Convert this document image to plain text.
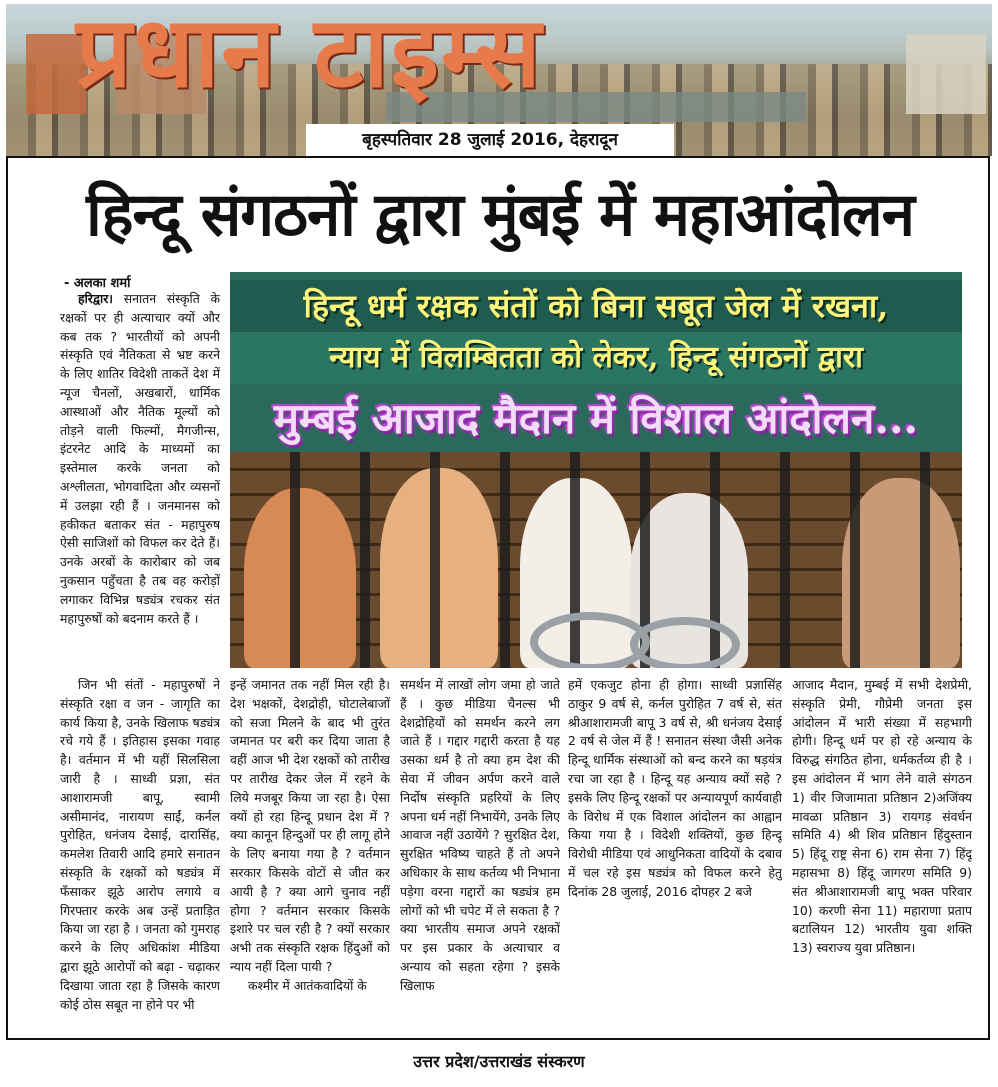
प्रधान टाइम्स
बृहस्पतिवार 28 जुलाई 2016, देहरादून
हिन्दू संगठनों द्वारा मुंबई में महाआंदोलन
- अलका शर्मा

हरिद्वार। सनातन संस्कृति के रक्षकों पर ही अत्याचार क्यों और कब तक ? भारतीयों को अपनी संस्कृति एवं नैतिकता से भ्रष्ट करने के लिए शातिर विदेशी ताकतें देश में न्यूज चैनलों, अखबारों, धार्मिक आस्थाओं और नैतिक मूल्यों को तोड़ने वाली फिल्मों, मैगजीन्स, इंटरनेट आदि के माध्यमों का इस्तेमाल करके जनता को अश्लीलता, भोगवादिता और व्यसनों में उलझा रही हैं । जनमानस को हकीकत बताकर संत - महापुरुष ऐसी साजिशों को विफल कर देते हैं। उनके अरबों के कारोबार को जब नुकसान पहुँचता है तब वह करोड़ों लगाकर विभिन्न षड्यंत्र रचकर संत महापुरुषों को बदनाम करते हैं ।

हिन्दू धर्म रक्षक संतों को बिना सबूत जेल में रखना,
न्याय में विलम्बितता को लेकर, हिन्दू संगठनों द्वारा
मुम्बई आजाद मैदान में विशाल आंदोलन...

जिन भी संतों - महापुरुषों ने संस्कृति रक्षा व जन - जागृति का कार्य किया है, उनके खिलाफ षड्यंत्र रचे गये हैं । इतिहास इसका गवाह है। वर्तमान में भी यहीं सिलसिला जारी है । साध्वी प्रज्ञा, संत आशारामजी बापू, स्वामी असीमानंद, नारायण साईं, कर्नल पुरोहित, धनंजय देसाई, दारासिंह, कमलेश तिवारी आदि हमारे सनातन संस्कृति के रक्षकों को षड्यंत्र में फँसाकर झूठे आरोप लगाये व गिरफ्तार करके अब उन्हें प्रताड़ित किया जा रहा है । जनता को गुमराह करने के लिए अधिकांश मीडिया द्वारा झूठे आरोपों को बढ़ा - चढ़ाकर दिखाया जाता रहा है जिसके कारण कोई ठोस सबूत ना होने पर भी

इन्हें जमानत तक नहीं मिल रही है। देश भक्षकों, देशद्रोही, घोटालेबाजों को सजा मिलने के बाद भी तुरंत जमानत पर बरी कर दिया जाता है वहीं आज भी देश रक्षकों को तारीख पर तारीख देकर जेल में रहने के लिये मजबूर किया जा रहा है। ऐसा क्यों हो रहा हिन्दू प्रधान देश में ? क्या कानून हिन्दुओं पर ही लागू होने के लिए बनाया गया है ? वर्तमान सरकार किसके वोटों से जीत कर आयी है ? क्या आगे चुनाव नहीं होगा ? वर्तमान सरकार किसके इशारे पर चल रही है ? क्यों सरकार अभी तक संस्कृति रक्षक हिंदुओं को न्याय नहीं दिला पायी ?

कश्मीर में आतंकवादियों के

समर्थन में लाखों लोग जमा हो जाते हैं । कुछ मीडिया चैनल्स भी देशद्रोहियों को समर्थन करने लग जाते हैं । गद्दार गद्दारी करता है यह उसका धर्म है तो क्या हम देश की सेवा में जीवन अर्पण करने वाले निर्दोष संस्कृति प्रहरियों के लिए अपना धर्म नहीं निभायेंगे, उनके लिए आवाज नहीं उठायेंगे ? सुरक्षित देश, सुरक्षित भविष्य चाहते हैं तो अपने अधिकार के साथ कर्तव्य भी निभाना पड़ेगा वरना गद्दारों का षड्यंत्र हम लोगों को भी चपेट में ले सकता है ? क्या भारतीय समाज अपने रक्षकों पर इस प्रकार के अत्याचार व अन्याय को सहता रहेगा ? इसके खिलाफ

हमें एकजुट होना ही होगा। साध्वी प्रज्ञासिंह ठाकुर 9 वर्ष से, कर्नल पुरोहित 7 वर्ष से, संत श्रीआशारामजी बापू 3 वर्ष से, श्री धनंजय देसाई 2 वर्ष से जेल में हैं ! सनातन संस्था जैसी अनेक हिन्दू धार्मिक संस्थाओं को बन्द करने का षड़यंत्र रचा जा रहा है । हिन्दू यह अन्याय क्यों सहे ? इसके लिए हिन्दू रक्षकों पर अन्यायपूर्ण कार्यवाही के विरोध में एक विशाल आंदोलन का आह्वान किया गया है । विदेशी शक्तियों, कुछ हिन्दू विरोधी मीडिया एवं आधुनिकता वादियों के दबाव में चल रहे इस षड्यंत्र को विफल करने हेतु दिनांक 28 जुलाई, 2016 दोपहर 2 बजे

आजाद मैदान, मुम्बई में सभी देशप्रेमी, संस्कृति प्रेमी, गौप्रेमी जनता इस आंदोलन में भारी संख्या में सहभागी होगी। हिन्दू धर्म पर हो रहे अन्याय के विरुद्ध संगठित होना, धर्मकर्तव्य ही है । इस आंदोलन में भाग लेने वाले संगठन 1) वीर जिजामाता प्रतिष्ठान 2)अजिंक्य मावळा प्रतिष्ठान 3) रायगड़ संवर्धन समिति 4) श्री शिव प्रतिष्ठान हिंदुस्तान 5) हिंदू राष्ट्र सेना 6) राम सेना 7) हिंदू महासभा 8) हिंदू जागरण समिति 9) संत श्रीआशारामजी बापू भक्त परिवार 10) करणी सेना 11) महाराणा प्रताप बटालियन 12) भारतीय युवा शक्ति 13) स्वराज्य युवा प्रतिष्ठान।

उत्तर प्रदेश/उत्तराखंड संस्करण
